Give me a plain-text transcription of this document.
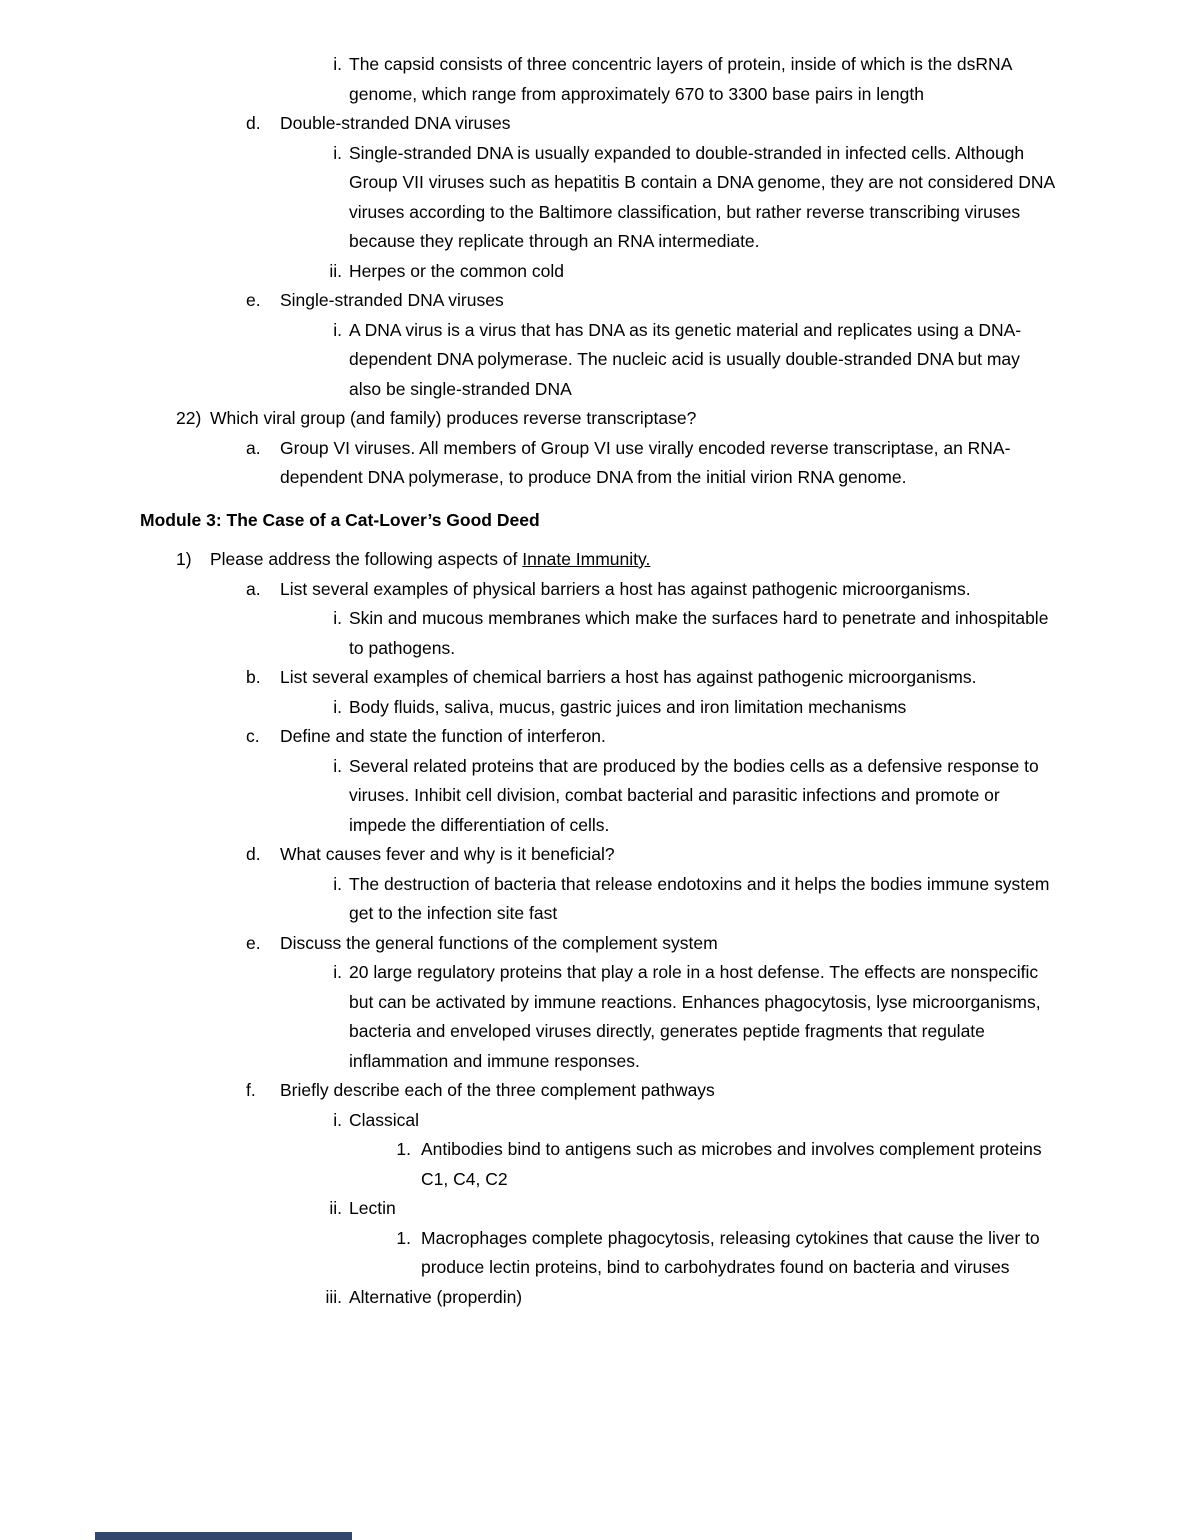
i. The capsid consists of three concentric layers of protein, inside of which is the dsRNA genome, which range from approximately 670 to 3300 base pairs in length
d. Double-stranded DNA viruses
i. Single-stranded DNA is usually expanded to double-stranded in infected cells. Although Group VII viruses such as hepatitis B contain a DNA genome, they are not considered DNA viruses according to the Baltimore classification, but rather reverse transcribing viruses because they replicate through an RNA intermediate.
ii. Herpes or the common cold
e. Single-stranded DNA viruses
i. A DNA virus is a virus that has DNA as its genetic material and replicates using a DNA-dependent DNA polymerase. The nucleic acid is usually double-stranded DNA but may also be single-stranded DNA
22) Which viral group (and family) produces reverse transcriptase?
a. Group VI viruses. All members of Group VI use virally encoded reverse transcriptase, an RNA-dependent DNA polymerase, to produce DNA from the initial virion RNA genome.
Module 3: The Case of a Cat-Lover’s Good Deed
1) Please address the following aspects of Innate Immunity.
a. List several examples of physical barriers a host has against pathogenic microorganisms.
i. Skin and mucous membranes which make the surfaces hard to penetrate and inhospitable to pathogens.
b. List several examples of chemical barriers a host has against pathogenic microorganisms.
i. Body fluids, saliva, mucus, gastric juices and iron limitation mechanisms
c. Define and state the function of interferon.
i. Several related proteins that are produced by the bodies cells as a defensive response to viruses. Inhibit cell division, combat bacterial and parasitic infections and promote or impede the differentiation of cells.
d. What causes fever and why is it beneficial?
i. The destruction of bacteria that release endotoxins and it helps the bodies immune system get to the infection site fast
e. Discuss the general functions of the complement system
i. 20 large regulatory proteins that play a role in a host defense. The effects are nonspecific but can be activated by immune reactions. Enhances phagocytosis, lyse microorganisms, bacteria and enveloped viruses directly, generates peptide fragments that regulate inflammation and immune responses.
f. Briefly describe each of the three complement pathways
i. Classical
1. Antibodies bind to antigens such as microbes and involves complement proteins C1, C4, C2
ii. Lectin
1. Macrophages complete phagocytosis, releasing cytokines that cause the liver to produce lectin proteins, bind to carbohydrates found on bacteria and viruses
iii. Alternative (properdin)
